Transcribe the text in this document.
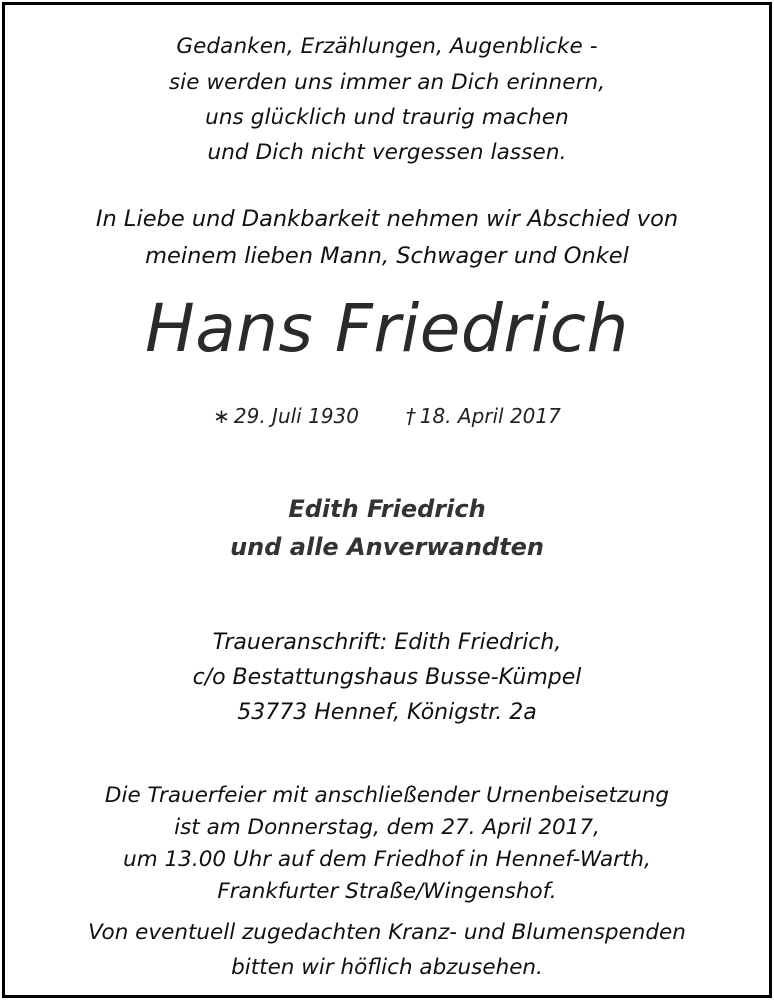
Gedanken, Erzählungen, Augenblicke -
sie werden uns immer an Dich erinnern,
uns glücklich und traurig machen
und Dich nicht vergessen lassen.
In Liebe und Dankbarkeit nehmen wir Abschied von
meinem lieben Mann, Schwager und Onkel
Hans Friedrich
∗ 29. Juli 1930 † 18. April 2017
Edith Friedrich
und alle Anverwandten
Traueranschrift: Edith Friedrich,
c/o Bestattungshaus Busse-Kümpel
53773 Hennef, Königstr. 2a
Die Trauerfeier mit anschließender Urnenbeisetzung
ist am Donnerstag, dem 27. April 2017,
um 13.00 Uhr auf dem Friedhof in Hennef-Warth,
Frankfurter Straße/Wingenshof.
Von eventuell zugedachten Kranz- und Blumenspenden
bitten wir höflich abzusehen.
